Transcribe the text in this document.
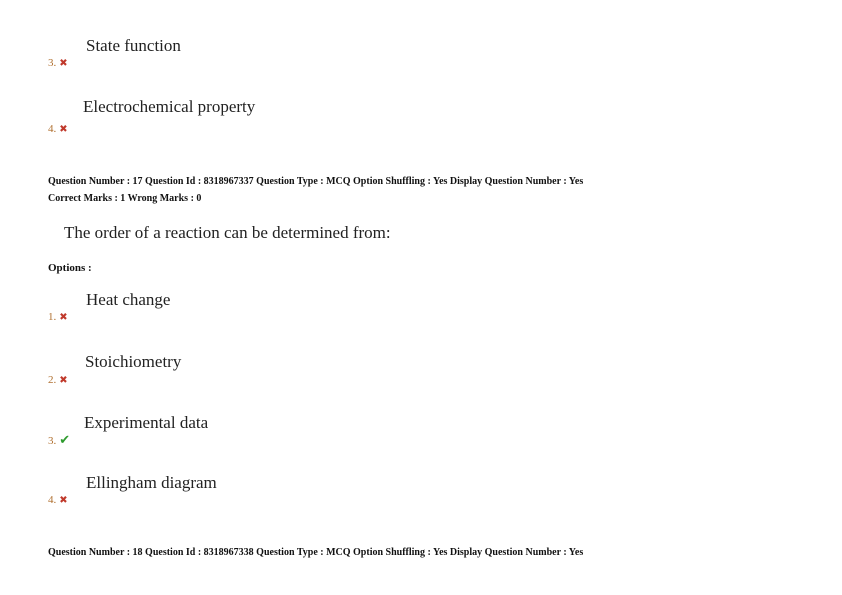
State function
3. ✖
Electrochemical property
4. ✖
Question Number : 17 Question Id : 8318967337 Question Type : MCQ Option Shuffling : Yes Display Question Number : Yes
Correct Marks : 1 Wrong Marks : 0
The order of a reaction can be determined from:
Options :
Heat change
1. ✖
Stoichiometry
2. ✖
Experimental data
3. ✔
Ellingham diagram
4. ✖
Question Number : 18 Question Id : 8318967338 Question Type : MCQ Option Shuffling : Yes Display Question Number : Yes
